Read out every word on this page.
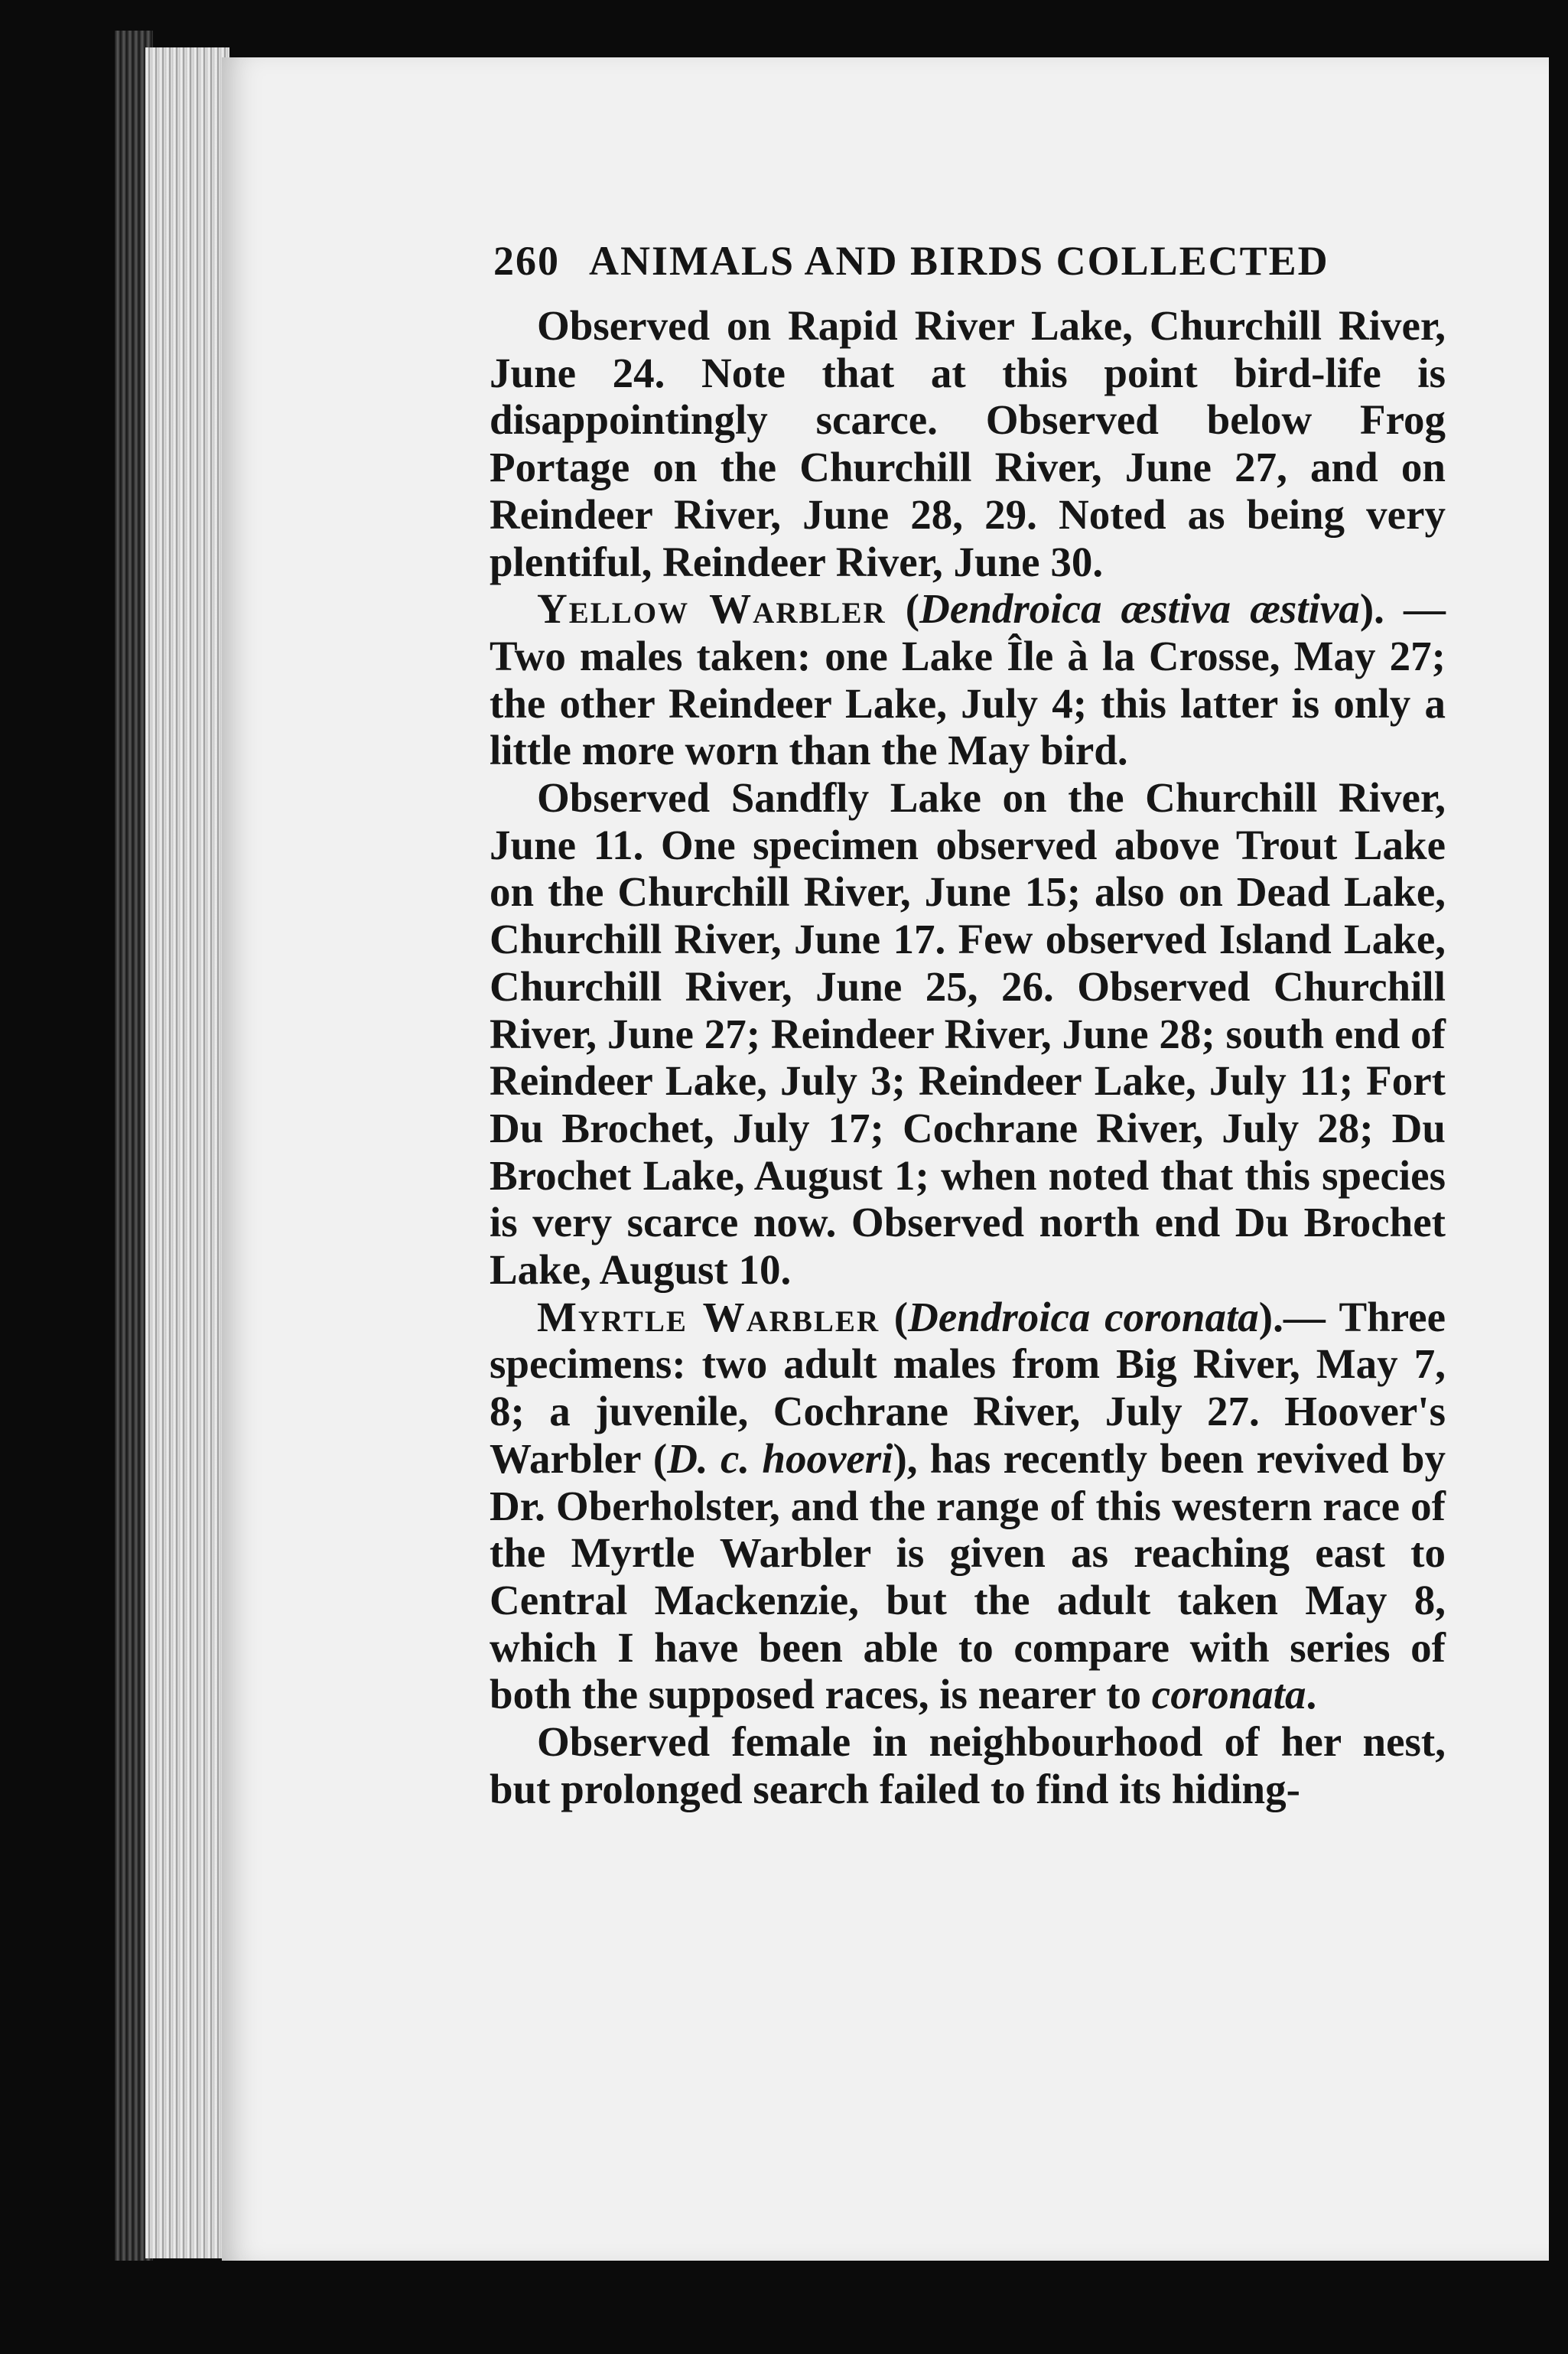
260 ANIMALS AND BIRDS COLLECTED

Observed on Rapid River Lake, Churchill River, June 24. Note that at this point bird-life is disappointingly scarce. Observed below Frog Portage on the Churchill River, June 27, and on Reindeer River, June 28, 29. Noted as being very plentiful, Reindeer River, June 30.

Yellow Warbler (Dendroica æstiva æstiva). —Two males taken: one Lake Île à la Crosse, May 27; the other Reindeer Lake, July 4; this latter is only a little more worn than the May bird.

Observed Sandfly Lake on the Churchill River, June 11. One specimen observed above Trout Lake on the Churchill River, June 15; also on Dead Lake, Churchill River, June 17. Few observed Island Lake, Churchill River, June 25, 26. Observed Churchill River, June 27; Reindeer River, June 28; south end of Reindeer Lake, July 3; Reindeer Lake, July 11; Fort Du Brochet, July 17; Cochrane River, July 28; Du Brochet Lake, August 1; when noted that this species is very scarce now. Observed north end Du Brochet Lake, August 10.

Myrtle Warbler (Dendroica coronata).— Three specimens: two adult males from Big River, May 7, 8; a juvenile, Cochrane River, July 27. Hoover's Warbler (D. c. hooveri), has recently been revived by Dr. Oberholster, and the range of this western race of the Myrtle Warbler is given as reaching east to Central Mackenzie, but the adult taken May 8, which I have been able to compare with series of both the supposed races, is nearer to coronata.

Observed female in neighbourhood of her nest, but prolonged search failed to find its hiding-
